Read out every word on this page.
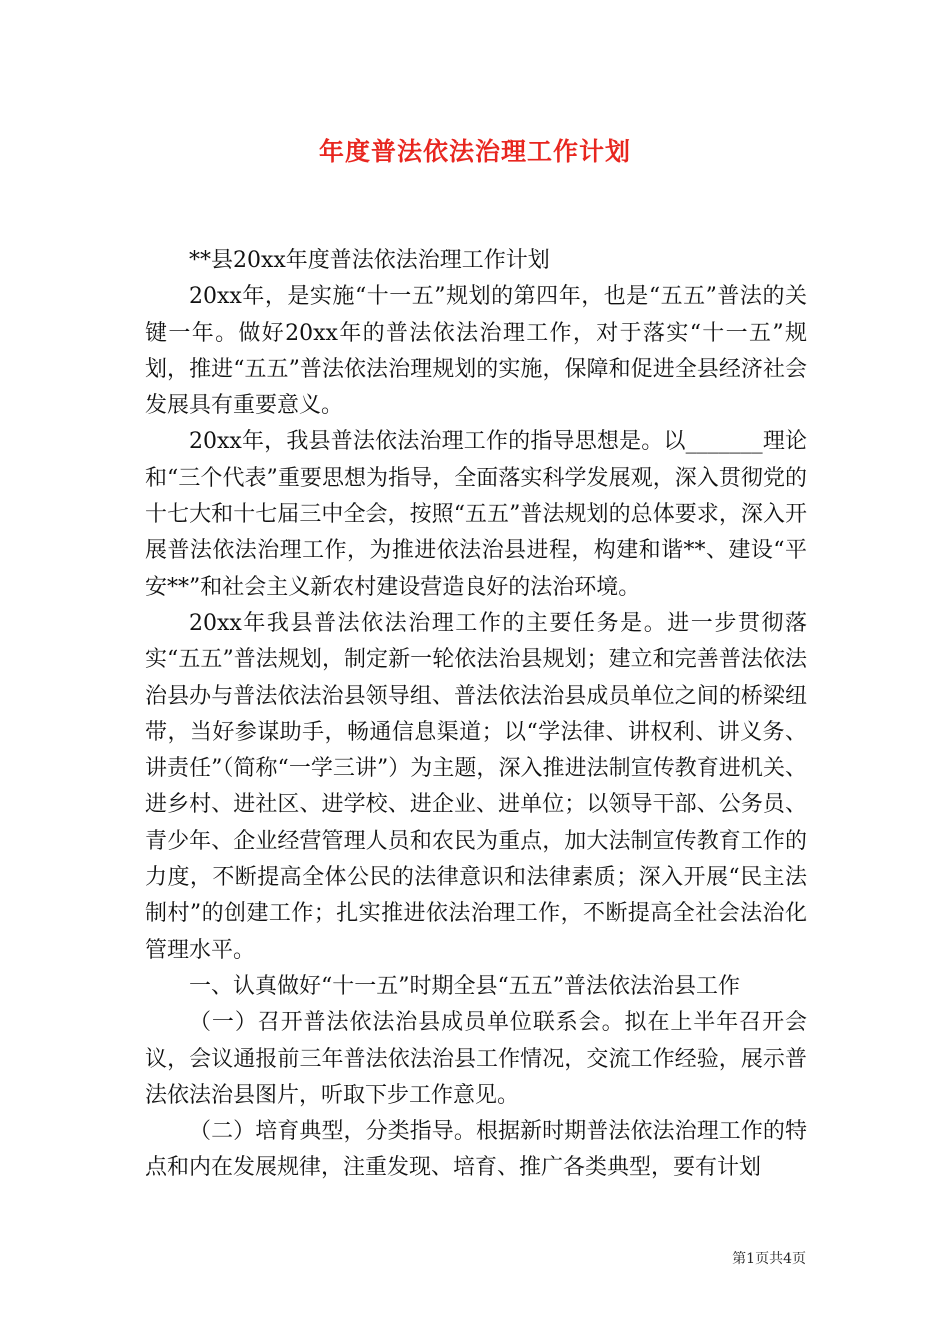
年度普法依法治理工作计划

**县20xx年度普法依法治理工作计划

20xx年，是实施“十一五”规划的第四年，也是“五五”普法的关键一年。做好20xx年的普法依法治理工作，对于落实“十一五”规划，推进“五五”普法依法治理规划的实施，保障和促进全县经济社会发展具有重要意义。

20xx年，我县普法依法治理工作的指导思想是。以_______理论和“三个代表”重要思想为指导，全面落实科学发展观，深入贯彻党的十七大和十七届三中全会，按照“五五”普法规划的总体要求，深入开展普法依法治理工作，为推进依法治县进程，构建和谐**、建设“平安**”和社会主义新农村建设营造良好的法治环境。

20xx年我县普法依法治理工作的主要任务是。进一步贯彻落实“五五”普法规划，制定新一轮依法治县规划；建立和完善普法依法治县办与普法依法治县领导组、普法依法治县成员单位之间的桥梁纽带，当好参谋助手，畅通信息渠道；以“学法律、讲权利、讲义务、讲责任”（简称“一学三讲”）为主题，深入推进法制宣传教育进机关、进乡村、进社区、进学校、进企业、进单位；以领导干部、公务员、青少年、企业经营管理人员和农民为重点，加大法制宣传教育工作的力度，不断提高全体公民的法律意识和法律素质；深入开展“民主法制村”的创建工作；扎实推进依法治理工作，不断提高全社会法治化管理水平。

一、认真做好“十一五”时期全县“五五”普法依法治县工作

（一）召开普法依法治县成员单位联系会。拟在上半年召开会议，会议通报前三年普法依法治县工作情况，交流工作经验，展示普法依法治县图片，听取下步工作意见。

（二）培育典型，分类指导。根据新时期普法依法治理工作的特点和内在发展规律，注重发现、培育、推广各类典型，要有计划

第1页共4页
